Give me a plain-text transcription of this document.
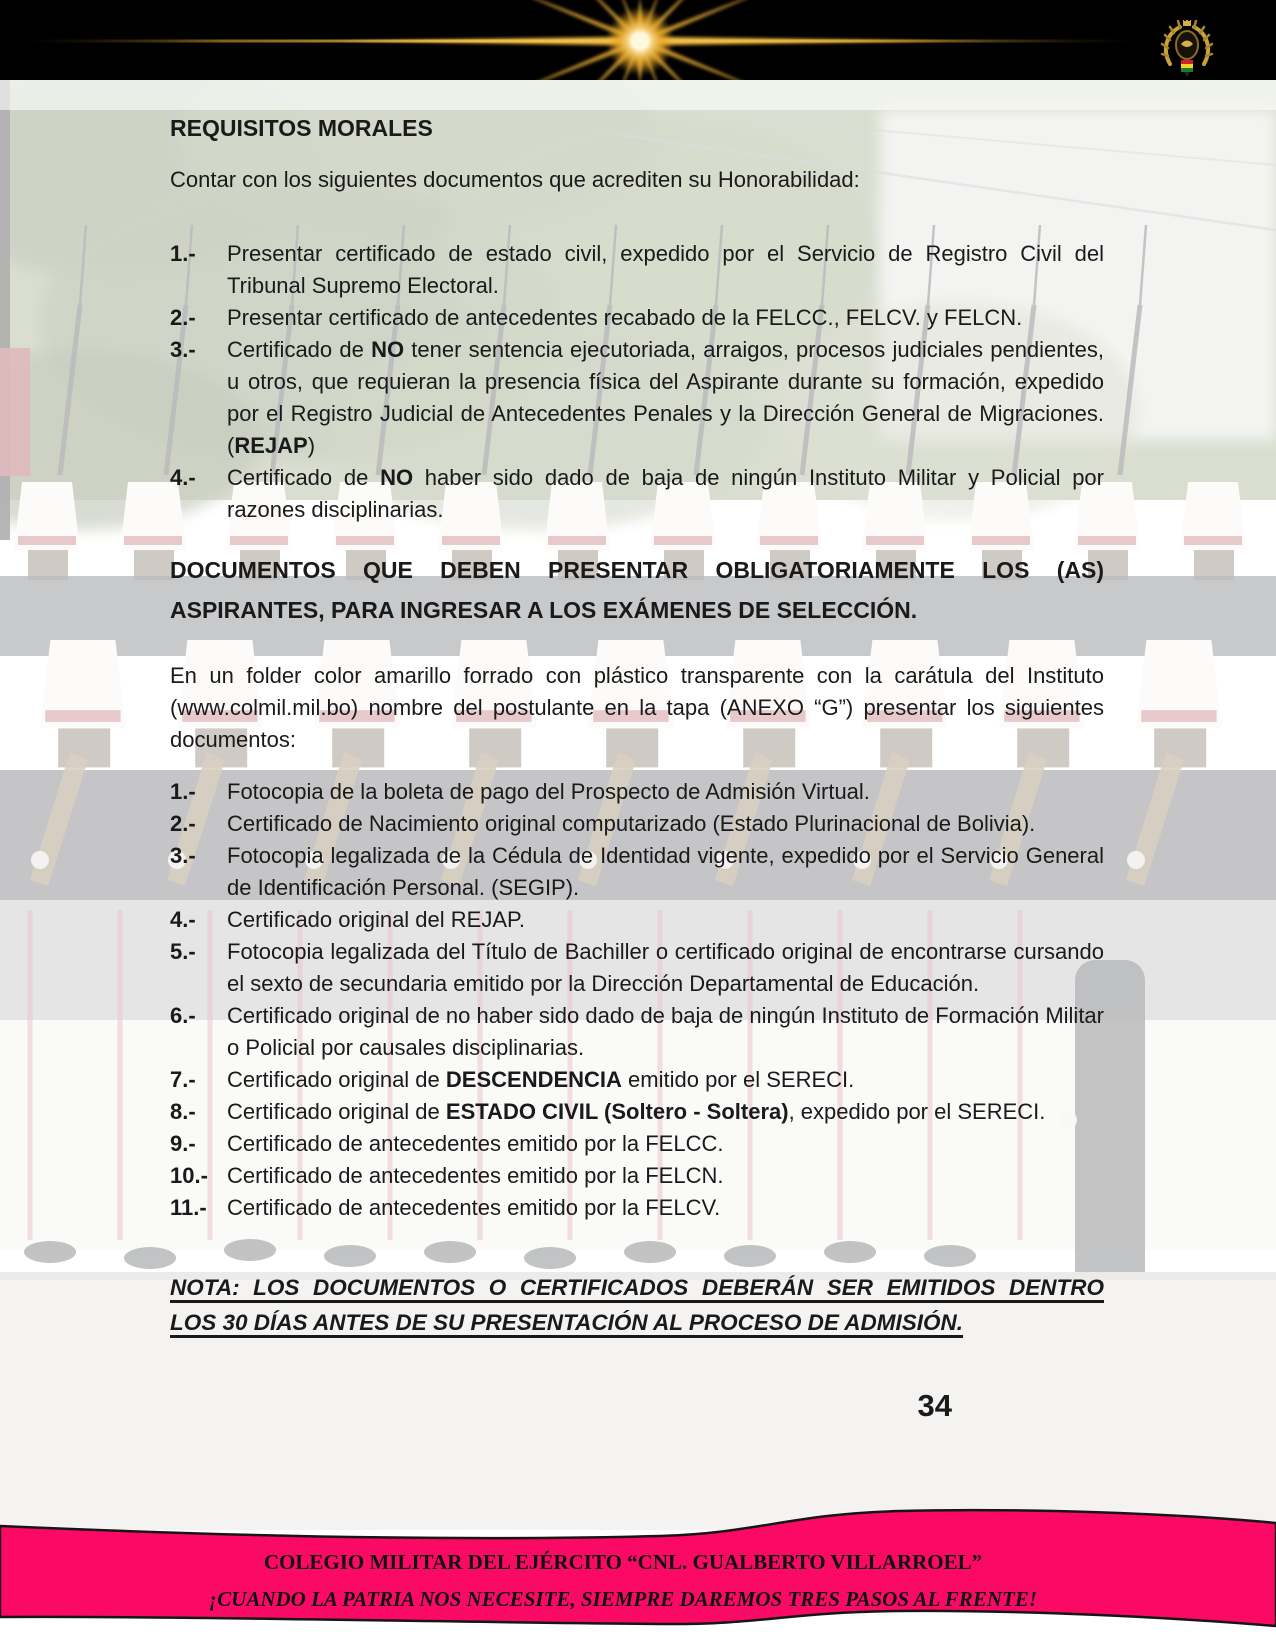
REQUISITOS MORALES
Contar con los siguientes documentos que acrediten su Honorabilidad:
1.-	Presentar certificado de estado civil, expedido por el Servicio de Registro Civil del Tribunal Supremo Electoral.
2.-	Presentar certificado de antecedentes recabado de la FELCC., FELCV. y FELCN.
3.-	Certificado de NO tener sentencia ejecutoriada, arraigos, procesos judiciales pendientes, u otros, que requieran la presencia física del Aspirante durante su formación, expedido por el Registro Judicial de Antecedentes Penales y la Dirección General de Migraciones. (REJAP)
4.-	Certificado de NO haber sido dado de baja de ningún Instituto Militar y Policial por razones disciplinarias.
DOCUMENTOS QUE DEBEN PRESENTAR OBLIGATORIAMENTE LOS (AS)
ASPIRANTES, PARA INGRESAR A LOS EXÁMENES DE SELECCIÓN.
En un folder color amarillo forrado con plástico transparente con la carátula del Instituto (www.colmil.mil.bo) nombre del postulante en la tapa (ANEXO “G”) presentar los siguientes documentos:
1.-	Fotocopia de la boleta de pago del Prospecto de Admisión Virtual.
2.-	Certificado de Nacimiento original computarizado (Estado Plurinacional de Bolivia).
3.-	Fotocopia legalizada de la Cédula de Identidad vigente, expedido por el Servicio General de Identificación Personal. (SEGIP).
4.-	Certificado original del REJAP.
5.-	Fotocopia legalizada del Título de Bachiller o certificado original de encontrarse cursando el sexto de secundaria emitido por la Dirección Departamental de Educación.
6.-	Certificado original de no haber sido dado de baja de ningún Instituto de Formación Militar o Policial por causales disciplinarias.
7.-	Certificado original de DESCENDENCIA emitido por el SERECI.
8.-	Certificado original de ESTADO CIVIL (Soltero - Soltera), expedido por el SERECI.
9.-	Certificado de antecedentes emitido por la FELCC.
10.- Certificado de antecedentes emitido por la FELCN.
11.- Certificado de antecedentes emitido por la FELCV.
NOTA: LOS DOCUMENTOS O CERTIFICADOS DEBERÁN SER EMITIDOS DENTRO
LOS 30 DÍAS ANTES DE SU PRESENTACIÓN AL PROCESO DE ADMISIÓN.
34
COLEGIO MILITAR DEL EJÉRCITO “CNL. GUALBERTO VILLARROEL”
¡CUANDO LA PATRIA NOS NECESITE, SIEMPRE DAREMOS TRES PASOS AL FRENTE!
